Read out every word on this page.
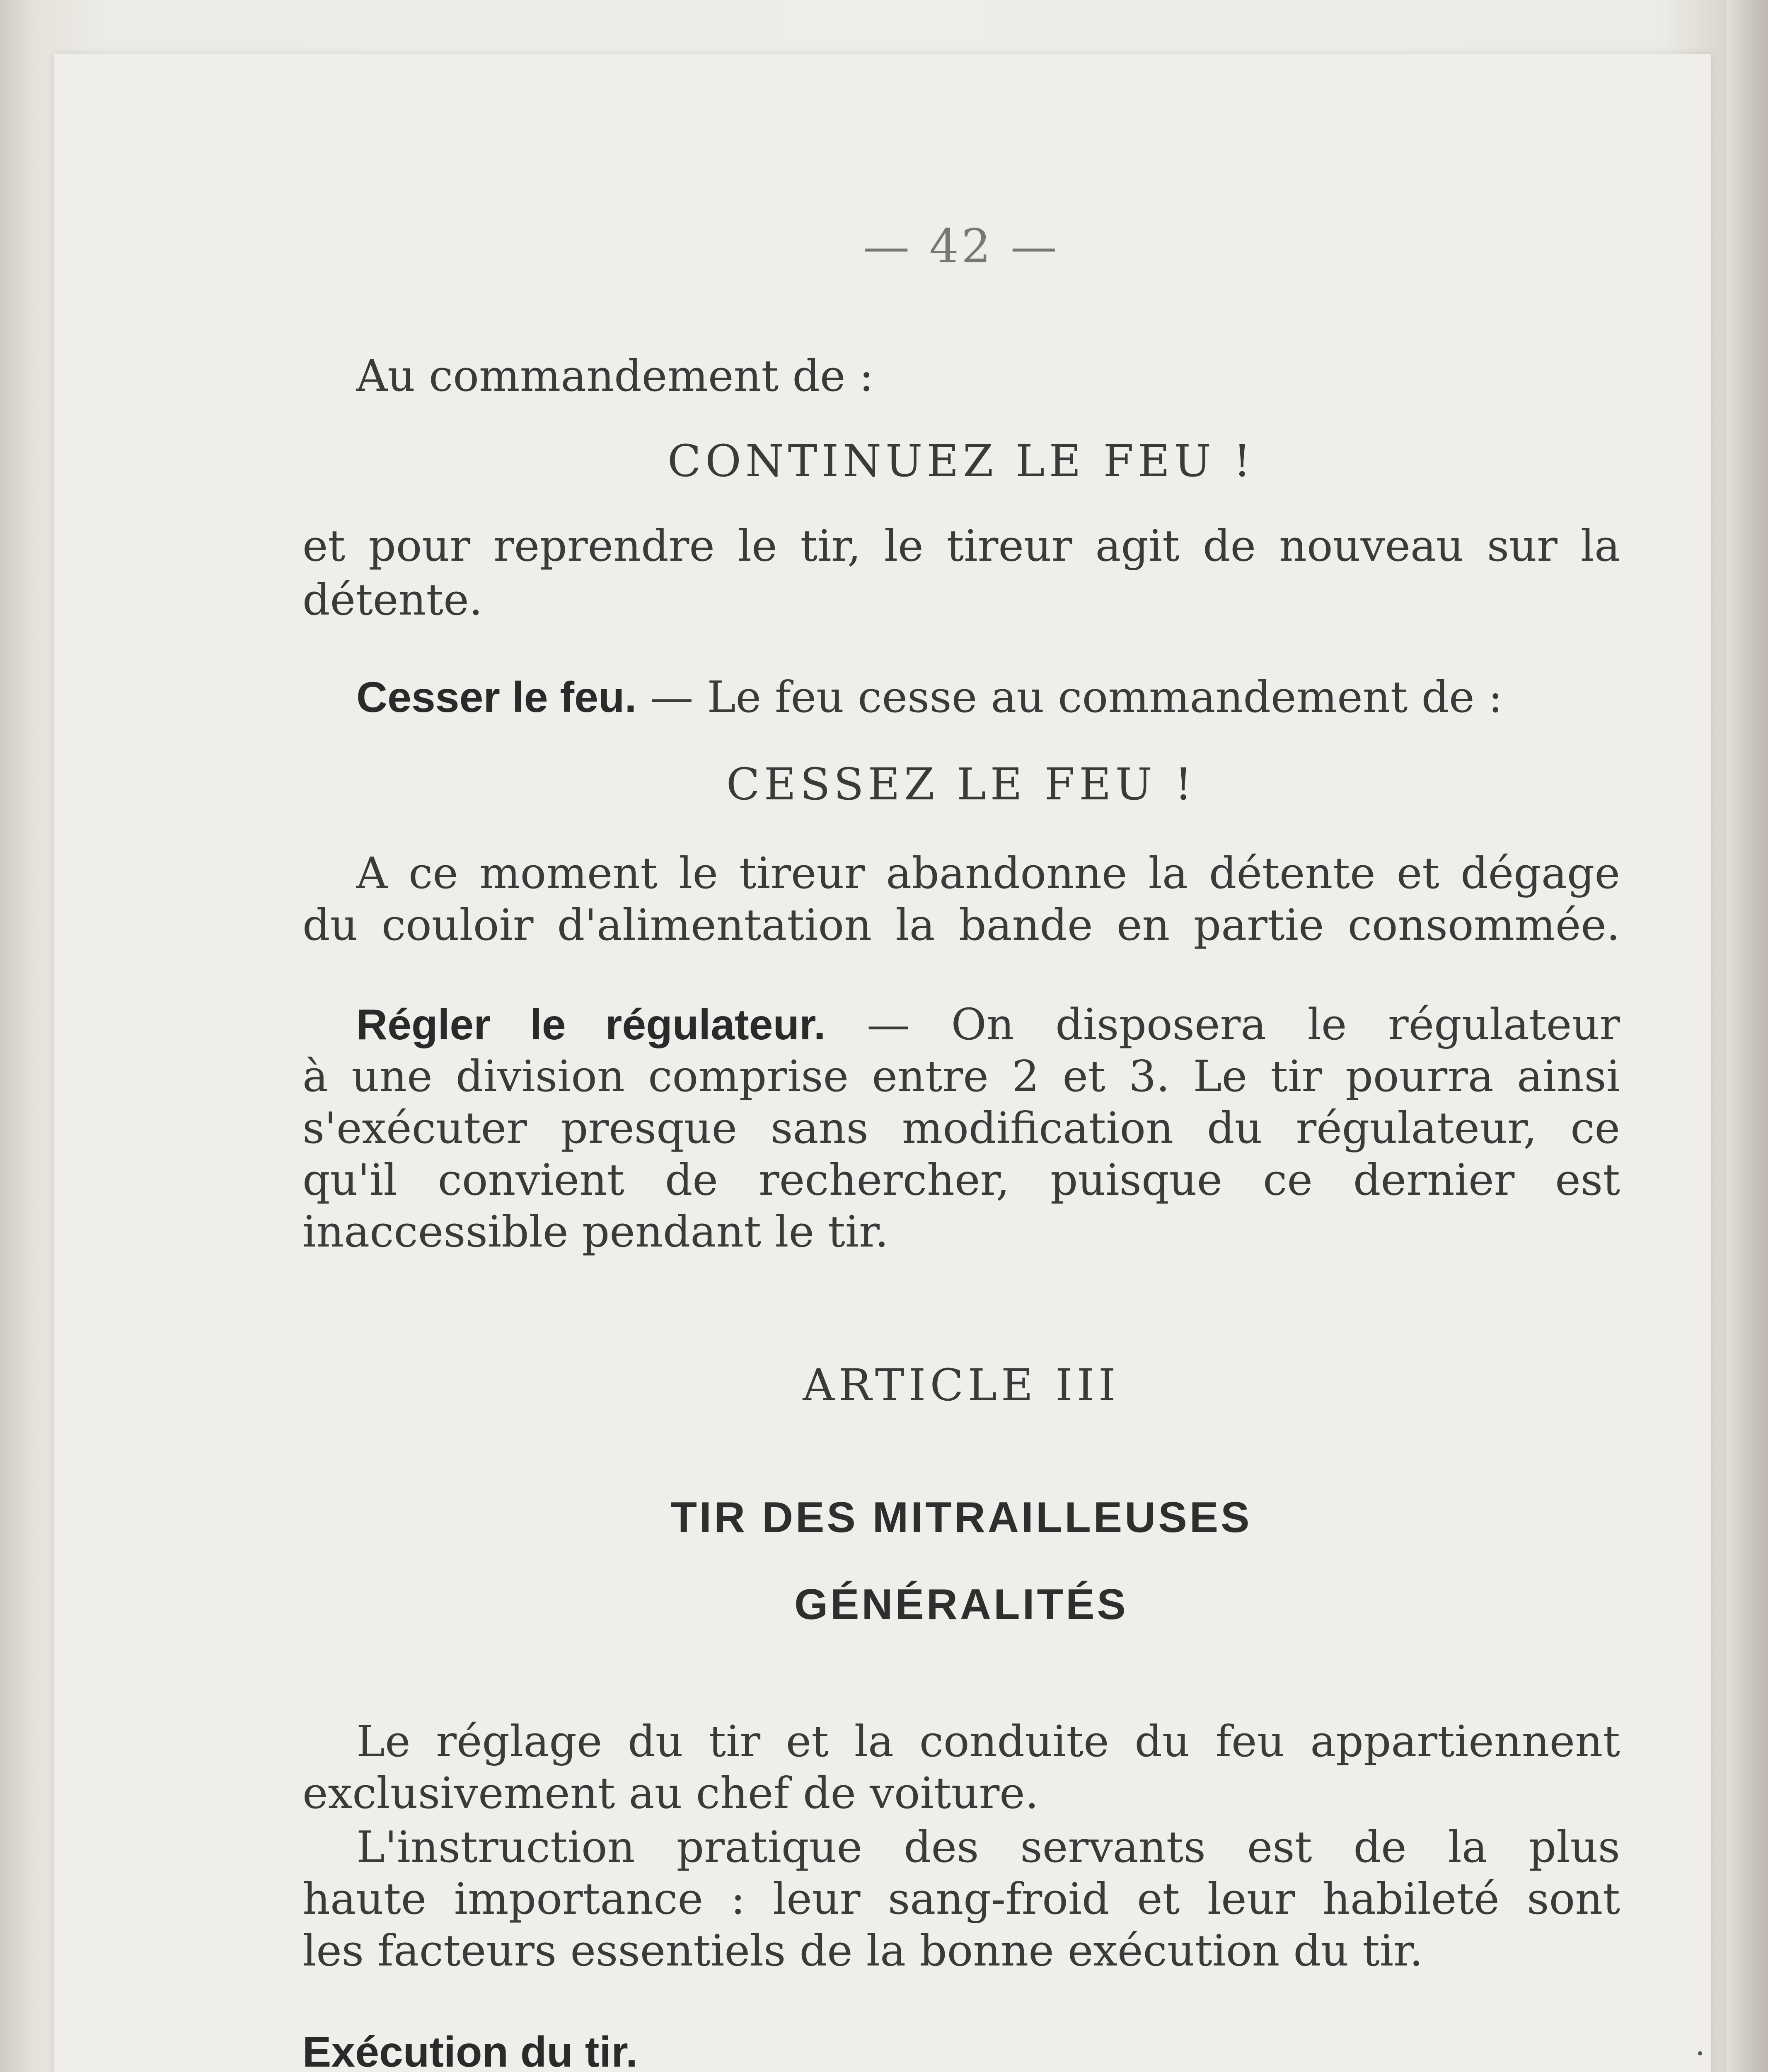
— 42 —
Au commandement de :
CONTINUEZ LE FEU !
et pour reprendre le tir, le tireur agit de nouveau sur la
détente.
Cesser le feu. — Le feu cesse au commandement de :
CESSEZ LE FEU !
A ce moment le tireur abandonne la détente et dégage
du couloir d'alimentation la bande en partie consommée.
Régler le régulateur. — On disposera le régulateur
à une division comprise entre 2 et 3. Le tir pourra ainsi
s'exécuter presque sans modification du régulateur, ce
qu'il convient de rechercher, puisque ce dernier est
inaccessible pendant le tir.
ARTICLE III
TIR DES MITRAILLEUSES
GÉNÉRALITÉS
Le réglage du tir et la conduite du feu appartiennent
exclusivement au chef de voiture.
L'instruction pratique des servants est de la plus
haute importance : leur sang-froid et leur habileté sont
les facteurs essentiels de la bonne exécution du tir.
Exécution du tir.
